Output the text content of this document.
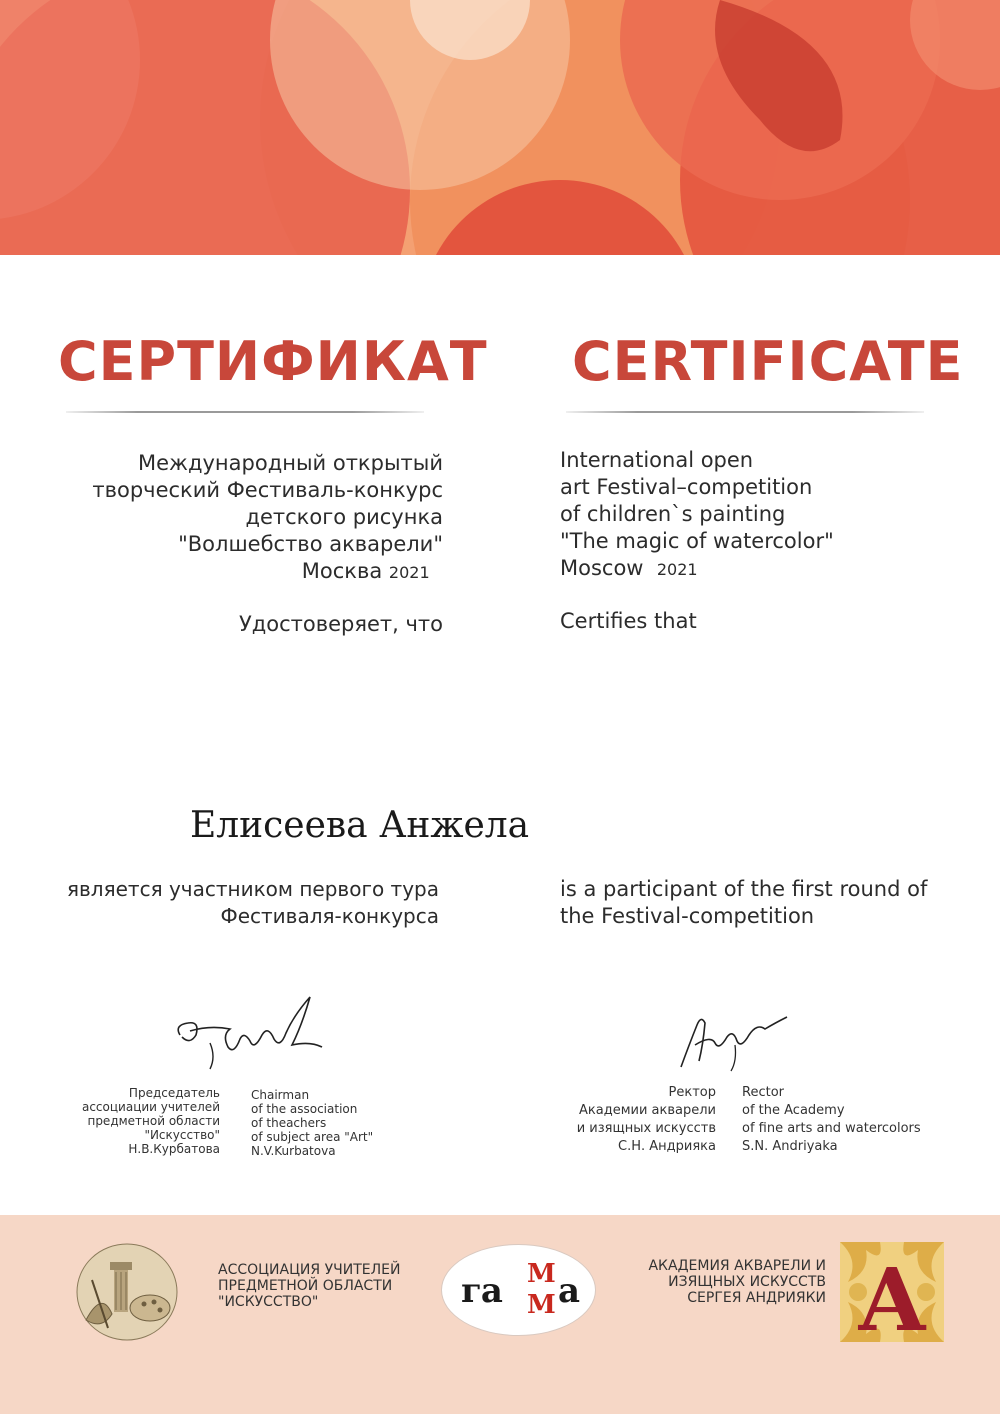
СЕРТИФИКАТ CERTIFICATE
Международный открытый
творческий Фестиваль-конкурс
детского рисунка
"Волшебство акварели"
Москва 2021
International open
art Festival–competition
of children`s painting
"The magic of watercolor"
Moscow 2021
Удостоверяет, что	Certifies that
Елисеева Анжела
является участником первого тура
Фестиваля-конкурса
is a participant of the first round of
the Festival-competition
Председатель
ассоциации учителей
предметной области
"Искусство"
Н.В.Курбатова
Chairman
of the association
of theachers
of subject area "Art"
N.V.Kurbatova
Ректор
Академии акварели
и изящных искусств
С.Н. Андрияка
Rector
of the Academy
of fine arts and watercolors
S.N. Andriyaka
АССОЦИАЦИЯ УЧИТЕЛЕЙ
ПРЕДМЕТНОЙ ОБЛАСТИ
"ИСКУССТВО"	га М
М а
АКАДЕМИЯ АКВАРЕЛИ И
ИЗЯЩНЫХ ИСКУССТВ
СЕРГЕЯ АНДРИЯКИ A
